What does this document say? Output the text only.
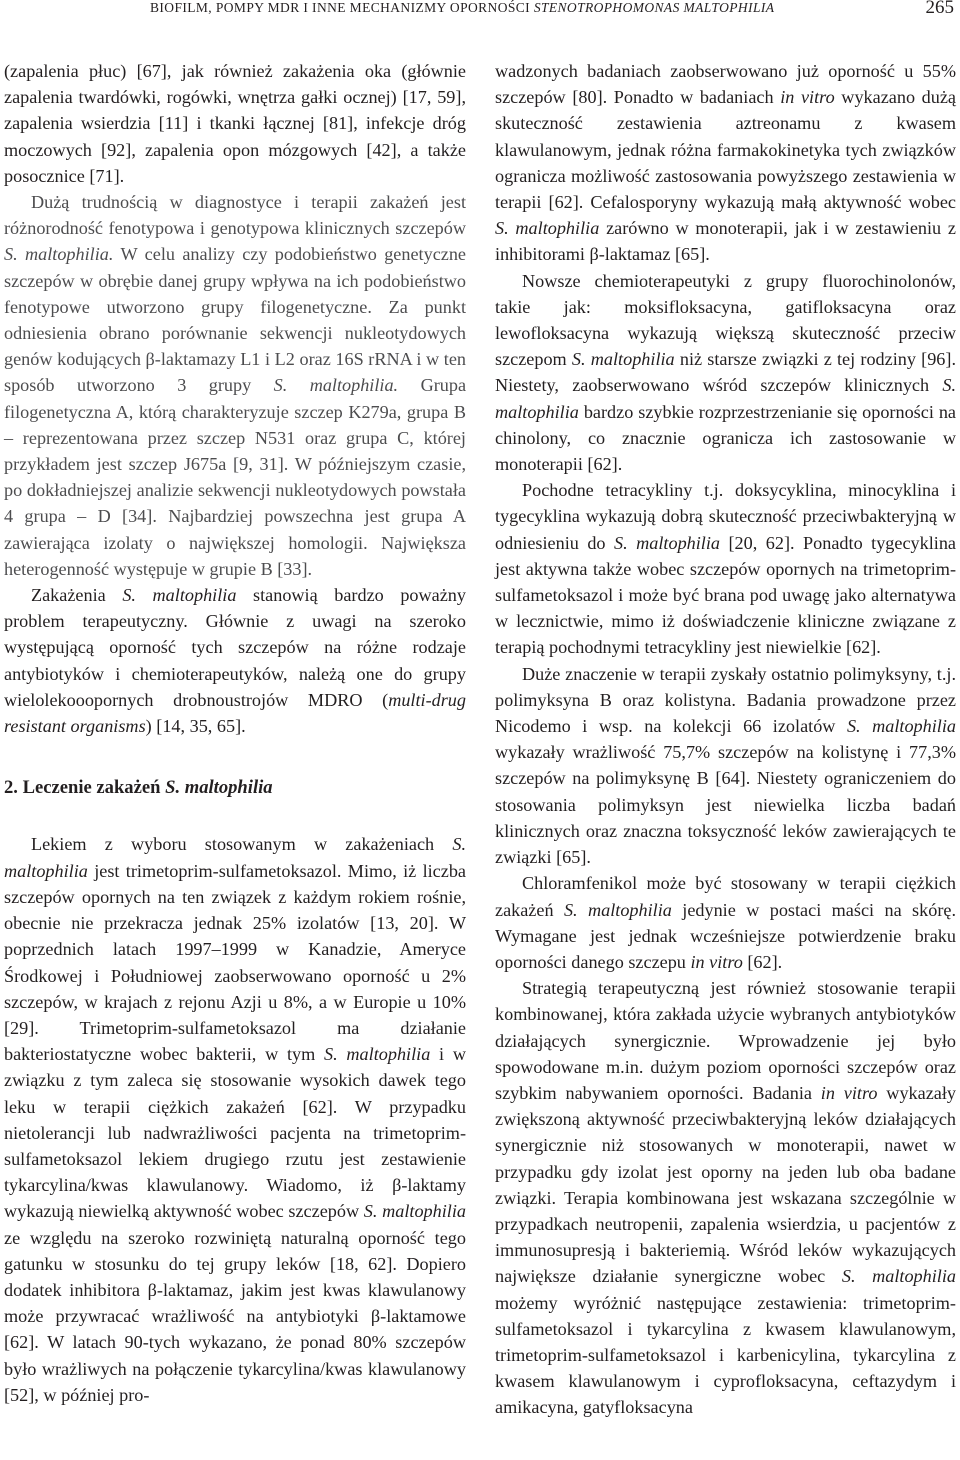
BIOFILM, POMPY MDR I INNE MECHANIZMY OPORNOŚCI STENOTROPHOMONAS MALTOPHILIA	265

(zapalenia płuc) [67], jak również zakażenia oka (głównie zapalenia twardówki, rogówki, wnętrza gałki ocznej) [17, 59], zapalenia wsierdzia [11] i tkanki łącznej [81], infekcje dróg moczowych [92], zapalenia opon mózgowych [42], a także posocznice [71].

Dużą trudnością w diagnostyce i terapii zakażeń jest różnorodność fenotypowa i genotypowa klinicznych szczepów S. maltophilia. W celu analizy czy podobieństwo genetyczne szczepów w obrębie danej grupy wpływa na ich podobieństwo fenotypowe utworzono grupy filogenetyczne. Za punkt odniesienia obrano porównanie sekwencji nukleotydowych genów kodujących β-laktamazy L1 i L2 oraz 16S rRNA i w ten sposób utworzono 3 grupy S. maltophilia. Grupa filogenetyczna A, którą charakteryzuje szczep K279a, grupa B – reprezentowana przez szczep N531 oraz grupa C, której przykładem jest szczep J675a [9, 31]. W późniejszym czasie, po dokładniejszej analizie sekwencji nukleotydowych powstała 4 grupa – D [34]. Najbardziej powszechna jest grupa A zawierająca izolaty o największej homologii. Największa heterogenność występuje w grupie B [33].

Zakażenia S. maltophilia stanowią bardzo poważny problem terapeutyczny. Głównie z uwagi na szeroko występującą oporność tych szczepów na różne rodzaje antybiotyków i chemioterapeutyków, należą one do grupy wielolekooopornych drobnoustrojów MDRO (multi-drug resistant organisms) [14, 35, 65].

2. Leczenie zakażeń S. maltophilia

Lekiem z wyboru stosowanym w zakażeniach S. maltophilia jest trimetoprim-sulfametoksazol. Mimo, iż liczba szczepów opornych na ten związek z każdym rokiem rośnie, obecnie nie przekracza jednak 25% izolatów [13, 20]. W poprzednich latach 1997–1999 w Kanadzie, Ameryce Środkowej i Południowej zaobserwowano oporność u 2% szczepów, w krajach z rejonu Azji u 8%, a w Europie u 10% [29]. Trimetoprim-sulfametoksazol ma działanie bakteriostatyczne wobec bakterii, w tym S. maltophilia i w związku z tym zaleca się stosowanie wysokich dawek tego leku w terapii ciężkich zakażeń [62]. W przypadku nietolerancji lub nadwrażliwości pacjenta na trimetoprim-sulfametoksazol lekiem drugiego rzutu jest zestawienie tykarcylina/kwas klawulanowy. Wiadomo, iż β-laktamy wykazują niewielką aktywność wobec szczepów S. maltophilia ze względu na szeroko rozwiniętą naturalną oporność tego gatunku w stosunku do tej grupy leków [18, 62]. Dopiero dodatek inhibitora β-laktamaz, jakim jest kwas klawulanowy może przywracać wrażliwość na antybiotyki β-laktamowe [62]. W latach 90-tych wykazano, że ponad 80% szczepów było wrażliwych na połączenie tykarcylina/kwas klawulanowy [52], w później pro-

wadzonych badaniach zaobserwowano już oporność u 55% szczepów [80]. Ponadto w badaniach in vitro wykazano dużą skuteczność zestawienia aztreonamu z kwasem klawulanowym, jednak różna farmakokinetyka tych związków ogranicza możliwość zastosowania powyższego zestawienia w terapii [62]. Cefalosporyny wykazują małą aktywność wobec S. maltophilia zarówno w monoterapii, jak i w zestawieniu z inhibitorami β-laktamaz [65].

Nowsze chemioterapeutyki z grupy fluorochinolonów, takie jak: moksifloksacyna, gatifloksacyna oraz lewofloksacyna wykazują większą skuteczność przeciw szczepom S. maltophilia niż starsze związki z tej rodziny [96]. Niestety, zaobserwowano wśród szczepów klinicznych S. maltophilia bardzo szybkie rozprzestrzenianie się oporności na chinolony, co znacznie ogranicza ich zastosowanie w monoterapii [62].

Pochodne tetracykliny t.j. doksycyklina, minocyklina i tygecyklina wykazują dobrą skuteczność przeciwbakteryjną w odniesieniu do S. maltophilia [20, 62]. Ponadto tygecyklina jest aktywna także wobec szczepów opornych na trimetoprim-sulfametoksazol i może być brana pod uwagę jako alternatywa w lecznictwie, mimo iż doświadczenie kliniczne związane z terapią pochodnymi tetracykliny jest niewielkie [62].

Duże znaczenie w terapii zyskały ostatnio polimyksyny, t.j. polimyksyna B oraz kolistyna. Badania prowadzone przez Nicodemo i wsp. na kolekcji 66 izolatów S. maltophilia wykazały wrażliwość 75,7% szczepów na kolistynę i 77,3% szczepów na polimyksynę B [64]. Niestety ograniczeniem do stosowania polimyksyn jest niewielka liczba badań klinicznych oraz znaczna toksyczność leków zawierających te związki [65].

Chloramfenikol może być stosowany w terapii ciężkich zakażeń S. maltophilia jedynie w postaci maści na skórę. Wymagane jest jednak wcześniejsze potwierdzenie braku oporności danego szczepu in vitro [62].

Strategią terapeutyczną jest również stosowanie terapii kombinowanej, która zakłada użycie wybranych antybiotyków działających synergicznie. Wprowadzenie jej było spowodowane m.in. dużym poziom oporności szczepów oraz szybkim nabywaniem oporności. Badania in vitro wykazały zwiększoną aktywność przeciwbakteryjną leków działających synergicznie niż stosowanych w monoterapii, nawet w przypadku gdy izolat jest oporny na jeden lub oba badane związki. Terapia kombinowana jest wskazana szczególnie w przypadkach neutropenii, zapalenia wsierdzia, u pacjentów z immunosupresją i bakteriemią. Wśród leków wykazujących największe działanie synergiczne wobec S. maltophilia możemy wyróżnić następujące zestawienia: trimetoprim-sulfametoksazol i tykarcylina z kwasem klawulanowym, trimetoprim-sulfametoksazol i karbenicylina, tykarcylina z kwasem klawulanowym i cyprofloksacyna, ceftazydym i amikacyna, gatyfloksacyna
